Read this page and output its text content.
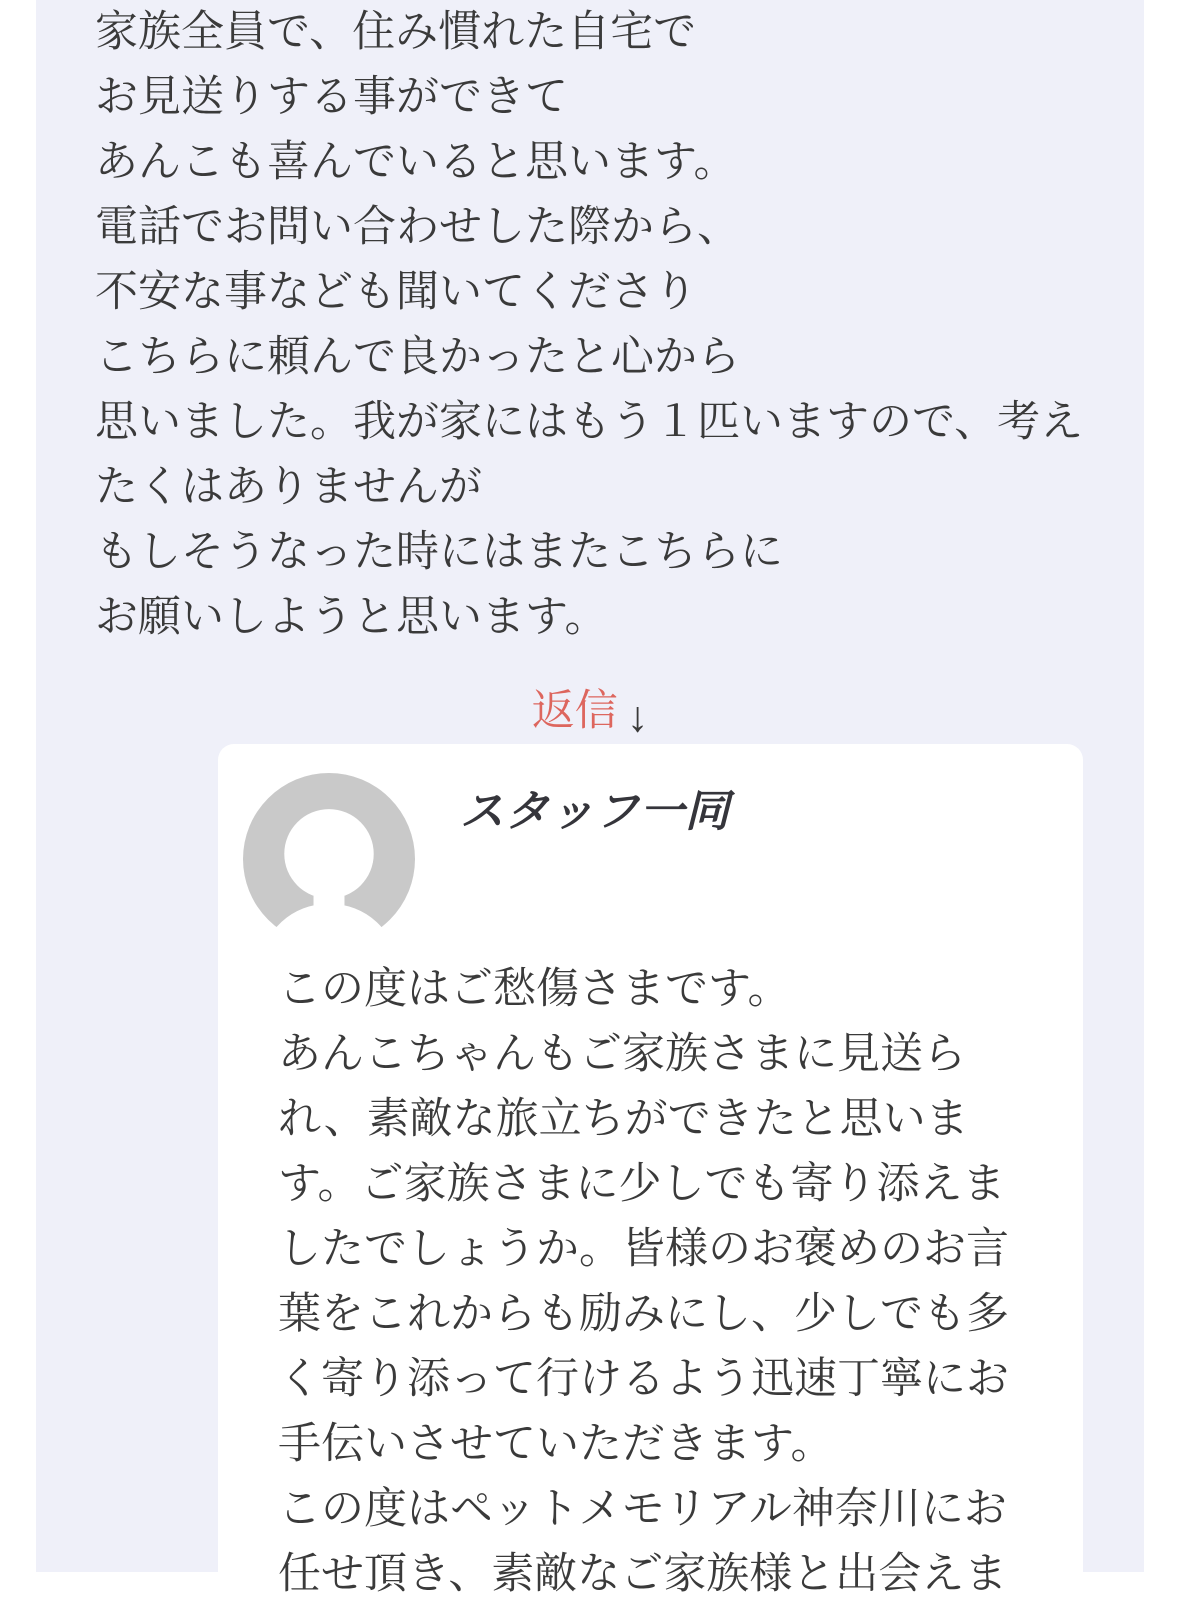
家族全員で、住み慣れた自宅で
お見送りする事ができて
あんこも喜んでいると思います。
電話でお問い合わせした際から、
不安な事なども聞いてくださり
こちらに頼んで良かったと心から
思いました。我が家にはもう１匹いますので、考え
たくはありませんが
もしそうなった時にはまたこちらに
お願いしようと思います。
返信 ↓
スタッフ一同
この度はご愁傷さまです。
あんこちゃんもご家族さまに見送ら
れ、素敵な旅立ちができたと思いま
す。ご家族さまに少しでも寄り添えま
したでしょうか。皆様のお褒めのお言
葉をこれからも励みにし、少しでも多
く寄り添って行けるよう迅速丁寧にお
手伝いさせていただきます。
この度はペットメモリアル神奈川にお
任せ頂き、素敵なご家族様と出会えま
